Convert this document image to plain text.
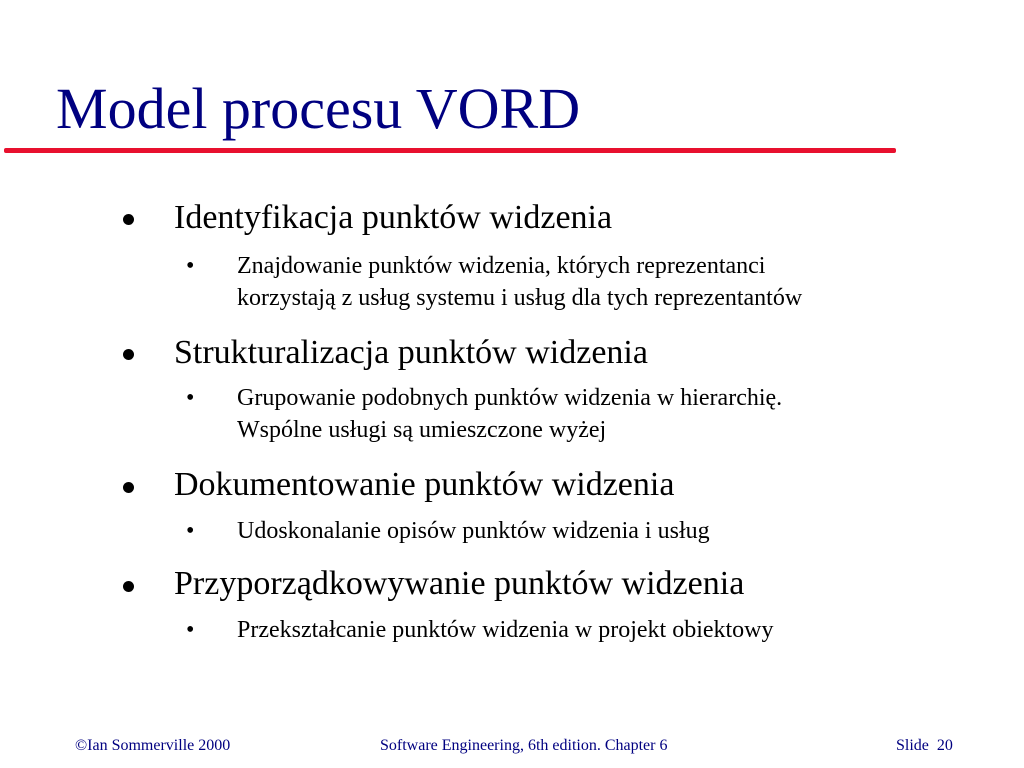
Model procesu VORD
Identyfikacja punktów widzenia
• Znajdowanie punktów widzenia, których reprezentanci
korzystają z usług systemu i usług dla tych reprezentantów
Strukturalizacja punktów widzenia
• Grupowanie podobnych punktów widzenia w hierarchię.
Wspólne usługi są umieszczone wyżej
Dokumentowanie punktów widzenia
• Udoskonalanie opisów punktów widzenia i usług
Przyporządkowywanie punktów widzenia
• Przekształcanie punktów widzenia w projekt obiektowy
©Ian Sommerville 2000	Software Engineering, 6th edition. Chapter 6	Slide 20
